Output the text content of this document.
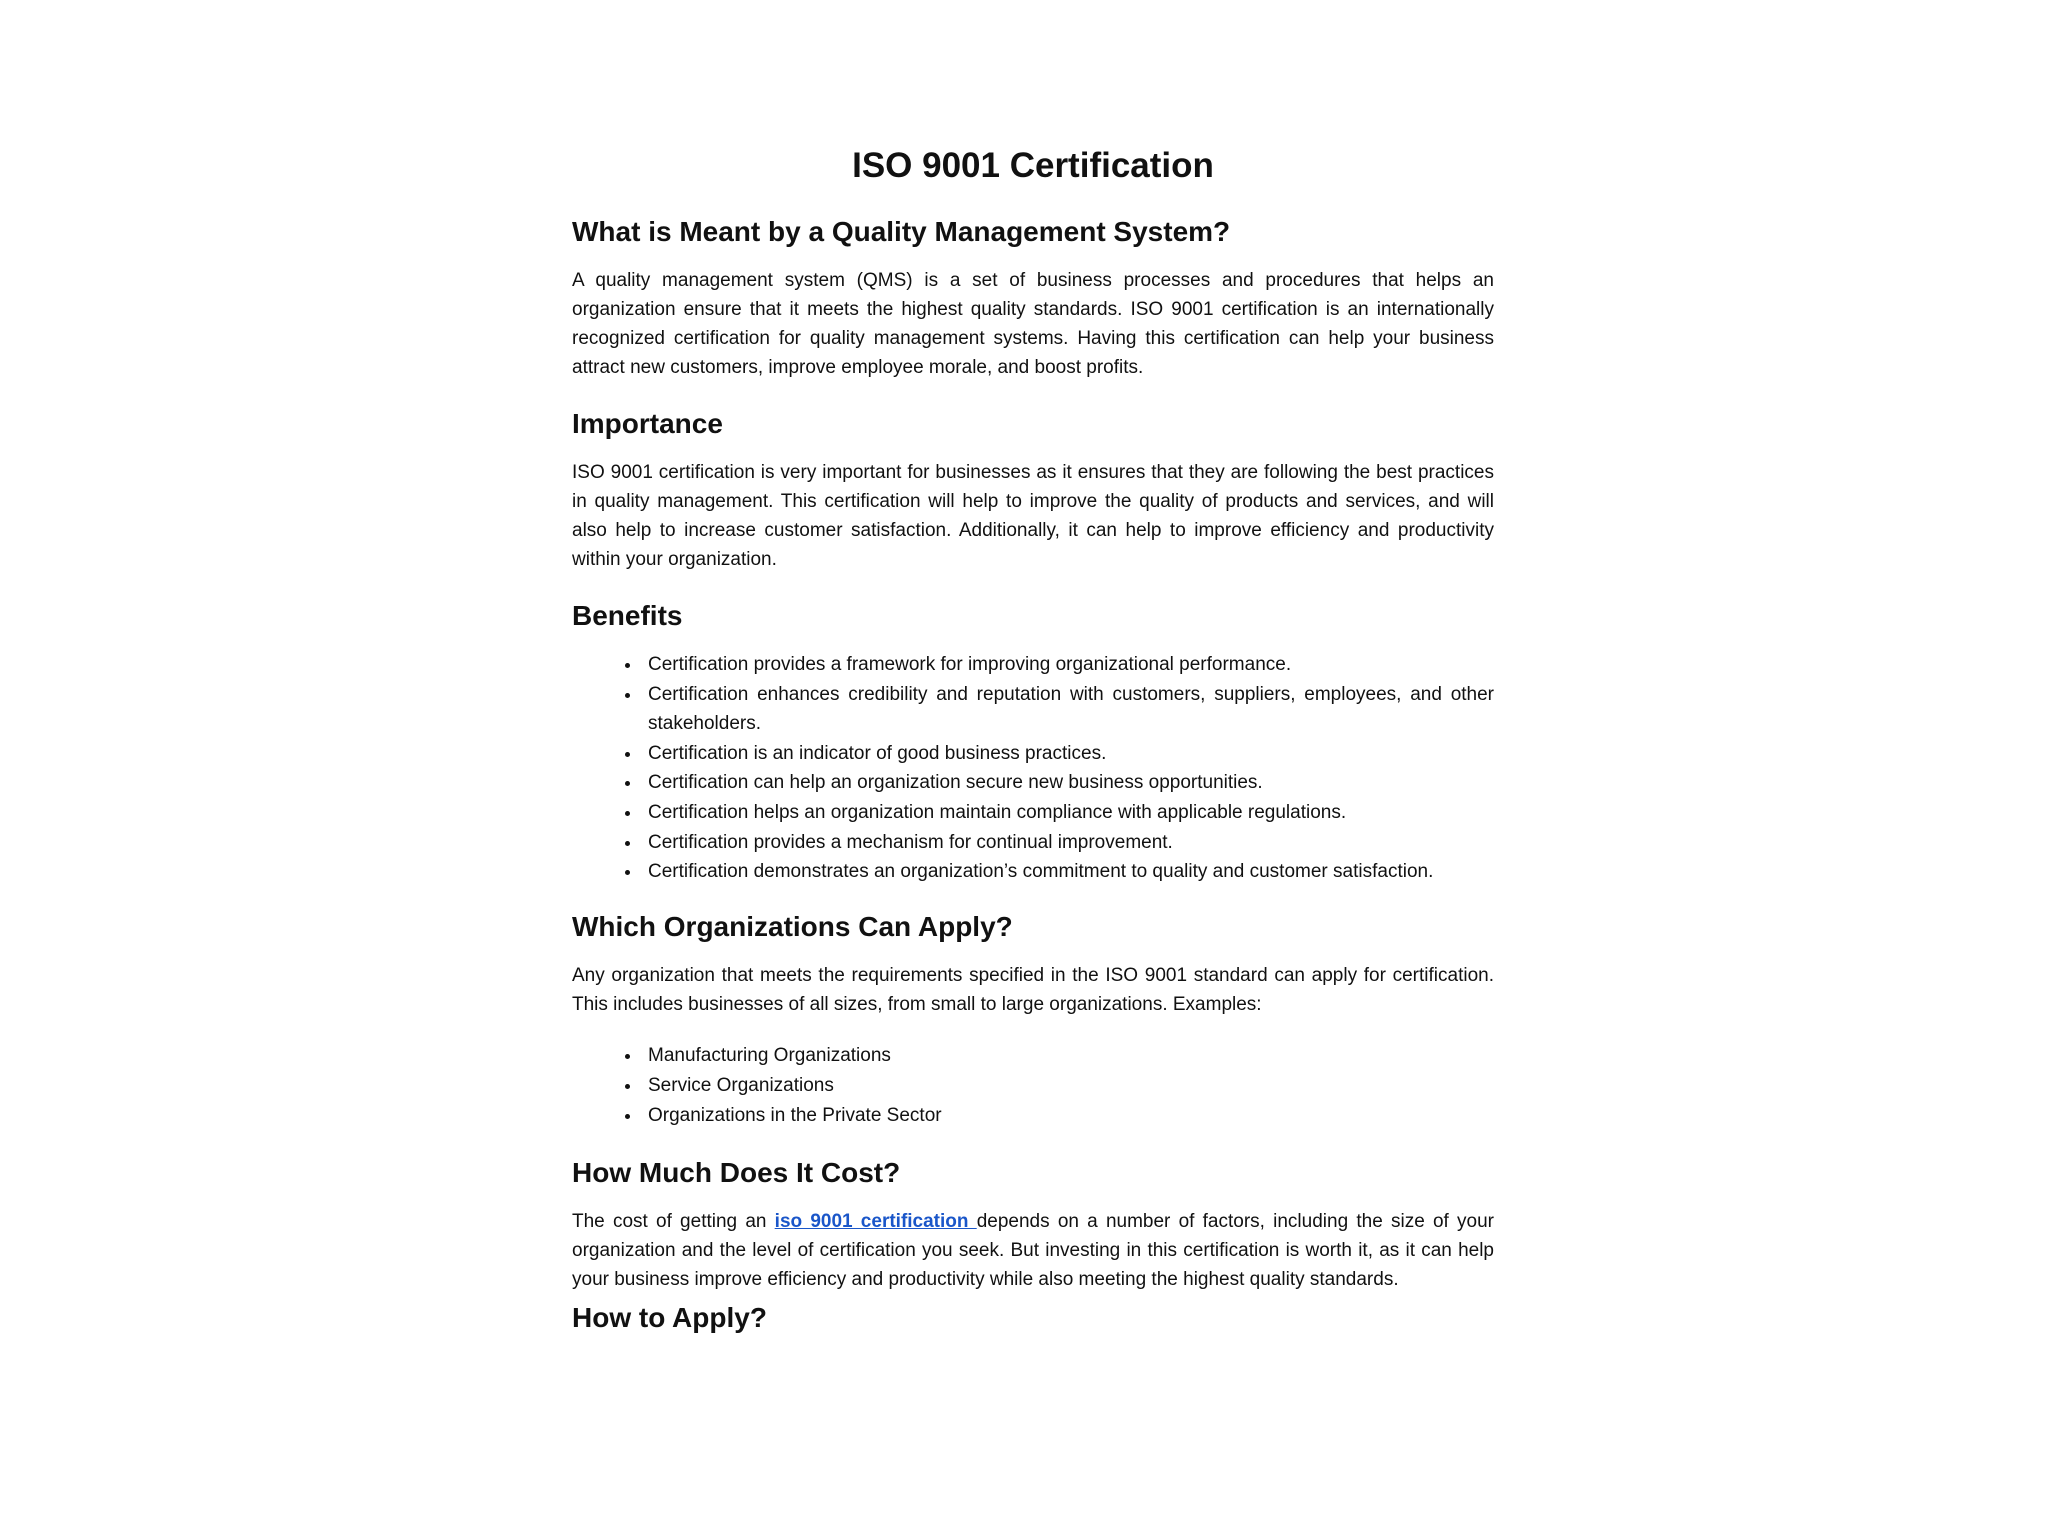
ISO 9001 Certification
What is Meant by a Quality Management System?

A quality management system (QMS) is a set of business processes and procedures that helps an organization ensure that it meets the highest quality standards. ISO 9001 certification is an internationally recognized certification for quality management systems. Having this certification can help your business attract new customers, improve employee morale, and boost profits.

Importance

ISO 9001 certification is very important for businesses as it ensures that they are following the best practices in quality management. This certification will help to improve the quality of products and services, and will also help to increase customer satisfaction. Additionally, it can help to improve efficiency and productivity within your organization.

Benefits
• Certification provides a framework for improving organizational performance.
• Certification enhances credibility and reputation with customers, suppliers, employees, and other stakeholders.
• Certification is an indicator of good business practices.
• Certification can help an organization secure new business opportunities.
• Certification helps an organization maintain compliance with applicable regulations.
• Certification provides a mechanism for continual improvement.
• Certification demonstrates an organization’s commitment to quality and customer satisfaction.
Which Organizations Can Apply?

Any organization that meets the requirements specified in the ISO 9001 standard can apply for certification. This includes businesses of all sizes, from small to large organizations. Examples:

• Manufacturing Organizations
• Service Organizations
• Organizations in the Private Sector
How Much Does It Cost?

The cost of getting an iso 9001 certification depends on a number of factors, including the size of your organization and the level of certification you seek. But investing in this certification is worth it, as it can help your business improve efficiency and productivity while also meeting the highest quality standards.

How to Apply?
